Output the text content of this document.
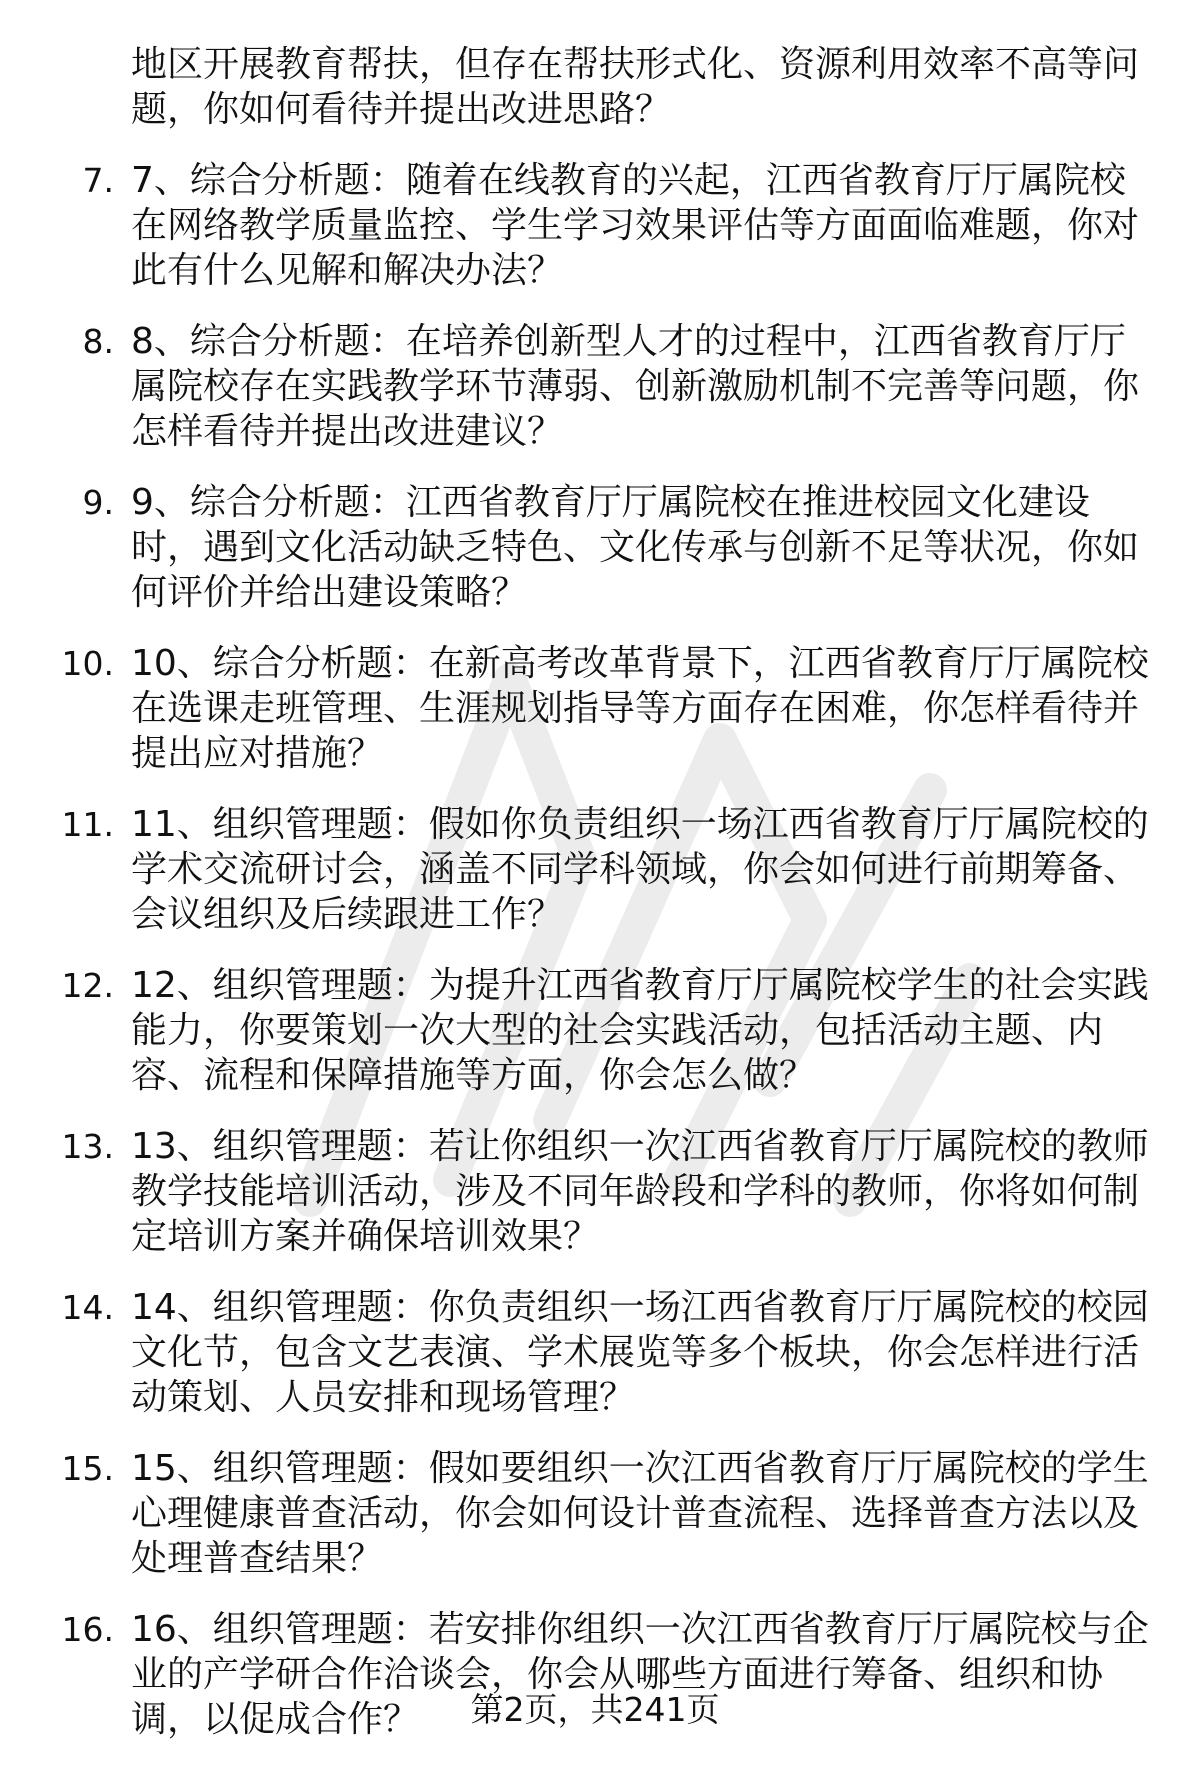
地区开展教育帮扶，但存在帮扶形式化、资源利用效率不高等问题，你如何看待并提出改进思路？
7. 7、综合分析题：随着在线教育的兴起，江西省教育厅厅属院校在网络教学质量监控、学生学习效果评估等方面面临难题，你对此有什么见解和解决办法？
8. 8、综合分析题：在培养创新型人才的过程中，江西省教育厅厅属院校存在实践教学环节薄弱、创新激励机制不完善等问题，你怎样看待并提出改进建议？
9. 9、综合分析题：江西省教育厅厅属院校在推进校园文化建设时，遇到文化活动缺乏特色、文化传承与创新不足等状况，你如何评价并给出建设策略？
10. 10、综合分析题：在新高考改革背景下，江西省教育厅厅属院校在选课走班管理、生涯规划指导等方面存在困难，你怎样看待并提出应对措施？
11. 11、组织管理题：假如你负责组织一场江西省教育厅厅属院校的学术交流研讨会，涵盖不同学科领域，你会如何进行前期筹备、会议组织及后续跟进工作？
12. 12、组织管理题：为提升江西省教育厅厅属院校学生的社会实践能力，你要策划一次大型的社会实践活动，包括活动主题、内容、流程和保障措施等方面，你会怎么做？
13. 13、组织管理题：若让你组织一次江西省教育厅厅属院校的教师教学技能培训活动，涉及不同年龄段和学科的教师，你将如何制定培训方案并确保培训效果？
14. 14、组织管理题：你负责组织一场江西省教育厅厅属院校的校园文化节，包含文艺表演、学术展览等多个板块，你会怎样进行活动策划、人员安排和现场管理？
15. 15、组织管理题：假如要组织一次江西省教育厅厅属院校的学生心理健康普查活动，你会如何设计普查流程、选择普查方法以及处理普查结果？
16. 16、组织管理题：若安排你组织一次江西省教育厅厅属院校与企业的产学研合作洽谈会，你会从哪些方面进行筹备、组织和协调，以促成合作？	第2页，共241页
